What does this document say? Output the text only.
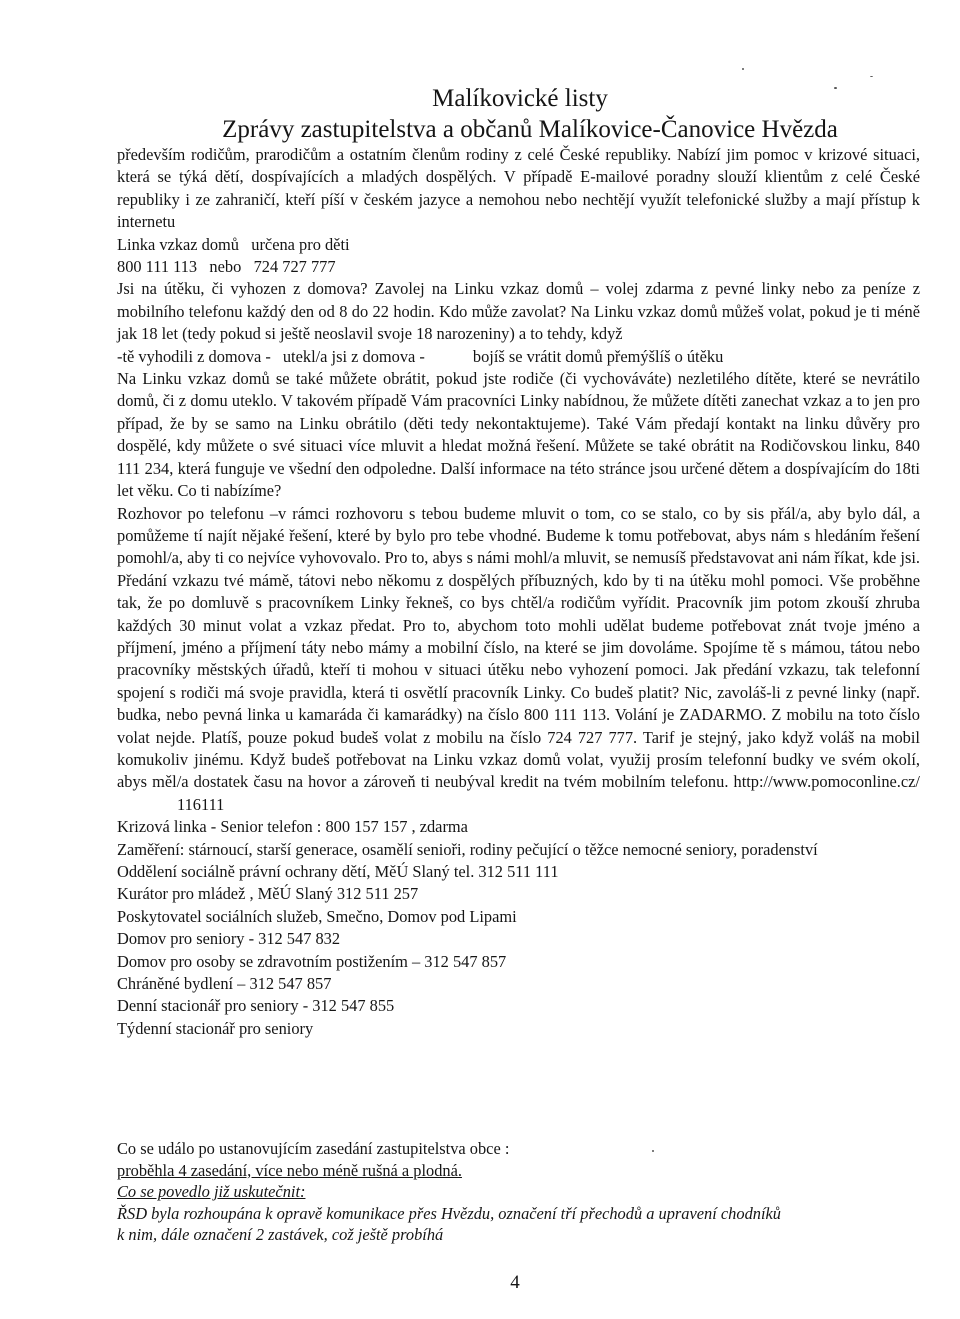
Malíkovické listy
Zprávy zastupitelstva a občanů Malíkovice-Čanovice Hvězda

především rodičům, prarodičům a ostatním členům rodiny z celé České republiky. Nabízí jim pomoc v krizové situaci, která se týká dětí, dospívajících a mladých dospělých. V případě E-mailové poradny slouží klientům z celé České republiky i ze zahraničí, kteří píší v českém jazyce a nemohou nebo nechtějí využít telefonické služby a mají přístup k internetu

Linka vzkaz domů   určena pro děti

800 111 113   nebo   724 727 777

Jsi na útěku, či vyhozen z domova? Zavolej na Linku vzkaz domů – volej zdarma z pevné linky nebo za peníze z mobilního telefonu každý den od 8 do 22 hodin. Kdo může zavolat? Na Linku vzkaz domů můžeš volat, pokud je ti méně jak 18 let (tedy pokud si ještě neoslavil svoje 18 narozeniny) a to tehdy, když

-tě vyhodili z domova - utekl/a jsi z domova -	bojíš se vrátit domů přemýšlíš o útěku

Na Linku vzkaz domů se také můžete obrátit, pokud jste rodiče (či vychováváte) nezletilého dítěte, které se nevrátilo domů, či z domu uteklo. V takovém případě Vám pracovníci Linky nabídnou, že můžete dítěti zanechat vzkaz a to jen pro případ, že by se samo na Linku obrátilo (děti tedy nekontaktujeme). Také Vám předají kontakt na linku důvěry pro dospělé, kdy můžete o své situaci více mluvit a hledat možná řešení. Můžete se také obrátit na Rodičovskou linku, 840 111 234, která funguje ve všední den odpoledne. Další informace na této stránce jsou určené dětem a dospívajícím do 18ti let věku. Co ti nabízíme?

Rozhovor po telefonu –v rámci rozhovoru s tebou budeme mluvit o tom, co se stalo, co by sis přál/a, aby bylo dál, a pomůžeme tí najít nějaké řešení, které by bylo pro tebe vhodné. Budeme k tomu potřebovat, abys nám s hledáním řešení pomohl/a, aby ti co nejvíce vyhovovalo. Pro to, abys s námi mohl/a mluvit, se nemusíš představovat ani nám říkat, kde jsi. Předání vzkazu tvé mámě, tátovi nebo někomu z dospělých příbuzných, kdo by ti na útěku mohl pomoci. Vše proběhne tak, že po domluvě s pracovníkem Linky řekneš, co bys chtěl/a rodičům vyřídit. Pracovník jim potom zkouší zhruba každých 30 minut volat a vzkaz předat. Pro to, abychom toto mohli udělat budeme potřebovat znát tvoje jméno a příjmení, jméno a příjmení táty nebo mámy a mobilní číslo, na které se jim dovoláme. Spojíme tě s mámou, tátou nebo pracovníky městských úřadů, kteří ti mohou v situaci útěku nebo vyhození pomoci. Jak předání vzkazu, tak telefonní spojení s rodiči má svoje pravidla, která ti osvětlí pracovník Linky. Co budeš platit? Nic, zavoláš-li z pevné linky (např. budka, nebo pevná linka u kamaráda či kamarádky) na číslo 800 111 113. Volání je ZADARMO. Z mobilu na toto číslo volat nejde. Platíš, pouze pokud budeš volat z mobilu na číslo 724 727 777. Tarif je stejný, jako když voláš na mobil komukoliv jinému. Když budeš potřebovat na Linku vzkaz domů volat, využij prosím telefonní budky ve svém okolí, abys měl/a dostatek času na hovor a zároveň ti neubýval kredit na tvém mobilním telefonu. http://www.pomoconline.cz/116111

Krizová linka - Senior telefon : 800 157 157 , zdarma

Zaměření: stárnoucí, starší generace, osamělí senioři, rodiny pečující o těžce nemocné seniory, poradenství

Oddělení sociálně právní ochrany dětí, MěÚ Slaný tel. 312 511 111

Kurátor pro mládež , MěÚ Slaný 312 511 257

Poskytovatel sociálních služeb, Smečno, Domov pod Lipami

Domov pro seniory - 312 547 832

Domov pro osoby se zdravotním postižením – 312 547 857

Chráněné bydlení – 312 547 857

Denní stacionář pro seniory - 312 547 855

Týdenní stacionář pro seniory

Co se událo po ustanovujícím zasedání zastupitelstva obce :

proběhla 4 zasedání, více nebo méně rušná a plodná.

Co se povedlo již uskutečnit:

ŘSD byla rozhoupána k opravě komunikace přes Hvězdu, označení tří přechodů a upravení chodníků

k nim, dále označení 2 zastávek, což ještě probíhá

4
